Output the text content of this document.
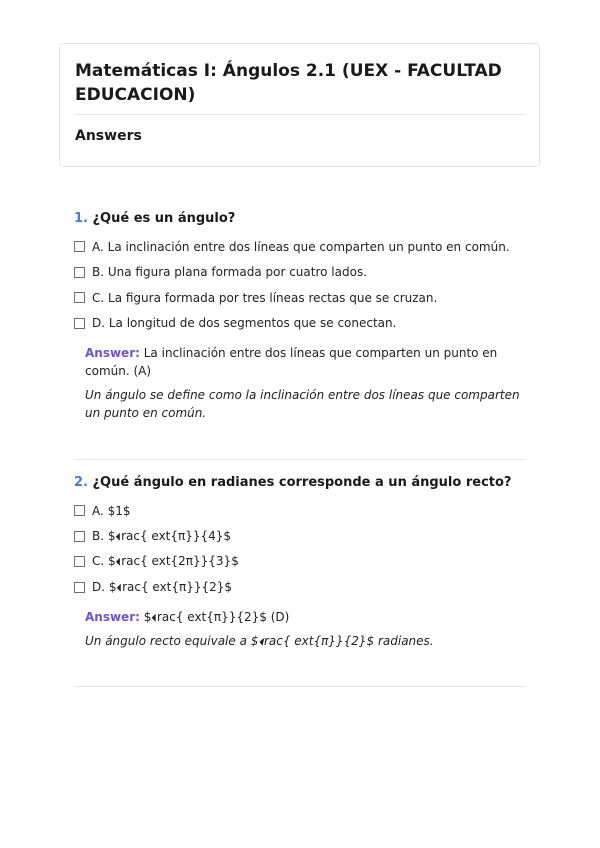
Matemáticas I: Ángulos 2.1 (UEX - FACULTAD EDUCACION)
Answers
1. ¿Qué es un ángulo?
A. La inclinación entre dos líneas que comparten un punto en común.
B. Una figura plana formada por cuatro lados.
C. La figura formada por tres líneas rectas que se cruzan.
D. La longitud de dos segmentos que se conectan.
Answer: La inclinación entre dos líneas que comparten un punto en común. (A)
Un ángulo se define como la inclinación entre dos líneas que comparten un punto en común.
2. ¿Qué ángulo en radianes corresponde a un ángulo recto?
A. $1$
B. $rac{ ext{π}}{4}$
C. $rac{ ext{2π}}{3}$
D. $rac{ ext{π}}{2}$
Answer: $rac{ ext{π}}{2}$ (D)
Un ángulo recto equivale a $rac{ ext{π}}{2}$ radianes.
